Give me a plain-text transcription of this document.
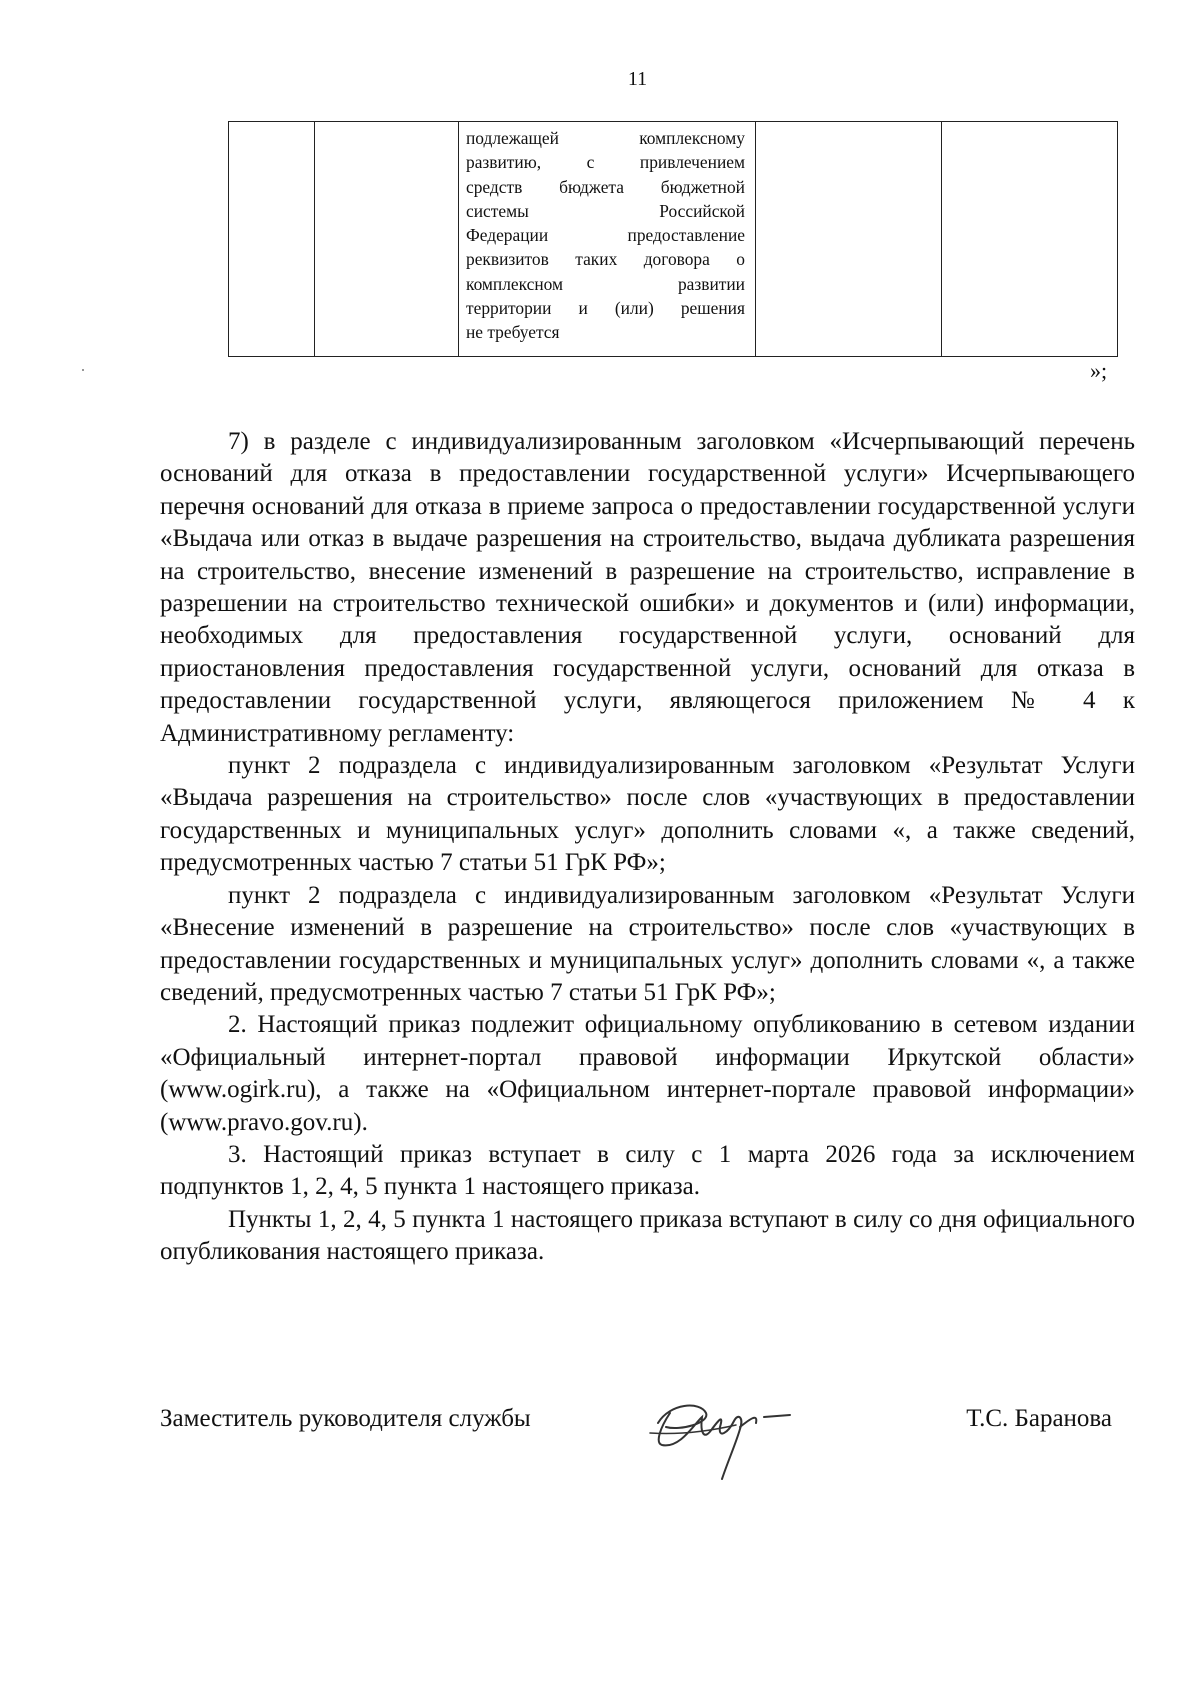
11

подлежащей комплексному
развитию, с привлечением
средств бюджета бюджетной
системы Российской
Федерации предоставление
реквизитов таких договора о
комплексном развитии
территории и (или) решения
не требуется

»;

7) в разделе с индивидуализированным заголовком «Исчерпывающий перечень оснований для отказа в предоставлении государственной услуги» Исчерпывающего перечня оснований для отказа в приеме запроса о предоставлении государственной услуги «Выдача или отказ в выдаче разрешения на строительство, выдача дубликата разрешения на строительство, внесение изменений в разрешение на строительство, исправление в разрешении на строительство технической ошибки» и документов и (или) информации, необходимых для предоставления государственной услуги, оснований для приостановления предоставления государственной услуги, оснований для отказа в предоставлении государственной услуги, являющегося приложением № 4 к Административному регламенту:

пункт 2 подраздела с индивидуализированным заголовком «Результат Услуги «Выдача разрешения на строительство» после слов «участвующих в предоставлении государственных и муниципальных услуг» дополнить словами «, а также сведений, предусмотренных частью 7 статьи 51 ГрК РФ»;

пункт 2 подраздела с индивидуализированным заголовком «Результат Услуги «Внесение изменений в разрешение на строительство» после слов «участвующих в предоставлении государственных и муниципальных услуг» дополнить словами «, а также сведений, предусмотренных частью 7 статьи 51 ГрК РФ»;

2. Настоящий приказ подлежит официальному опубликованию в сетевом издании «Официальный интернет-портал правовой информации Иркутской области» (www.ogirk.ru), а также на «Официальном интернет-портале правовой информации» (www.pravo.gov.ru).

3. Настоящий приказ вступает в силу с 1 марта 2026 года за исключением подпунктов 1, 2, 4, 5 пункта 1 настоящего приказа.

Пункты 1, 2, 4, 5 пункта 1 настоящего приказа вступают в силу со дня официального опубликования настоящего приказа.

Заместитель руководителя службы	Т.С. Баранова
